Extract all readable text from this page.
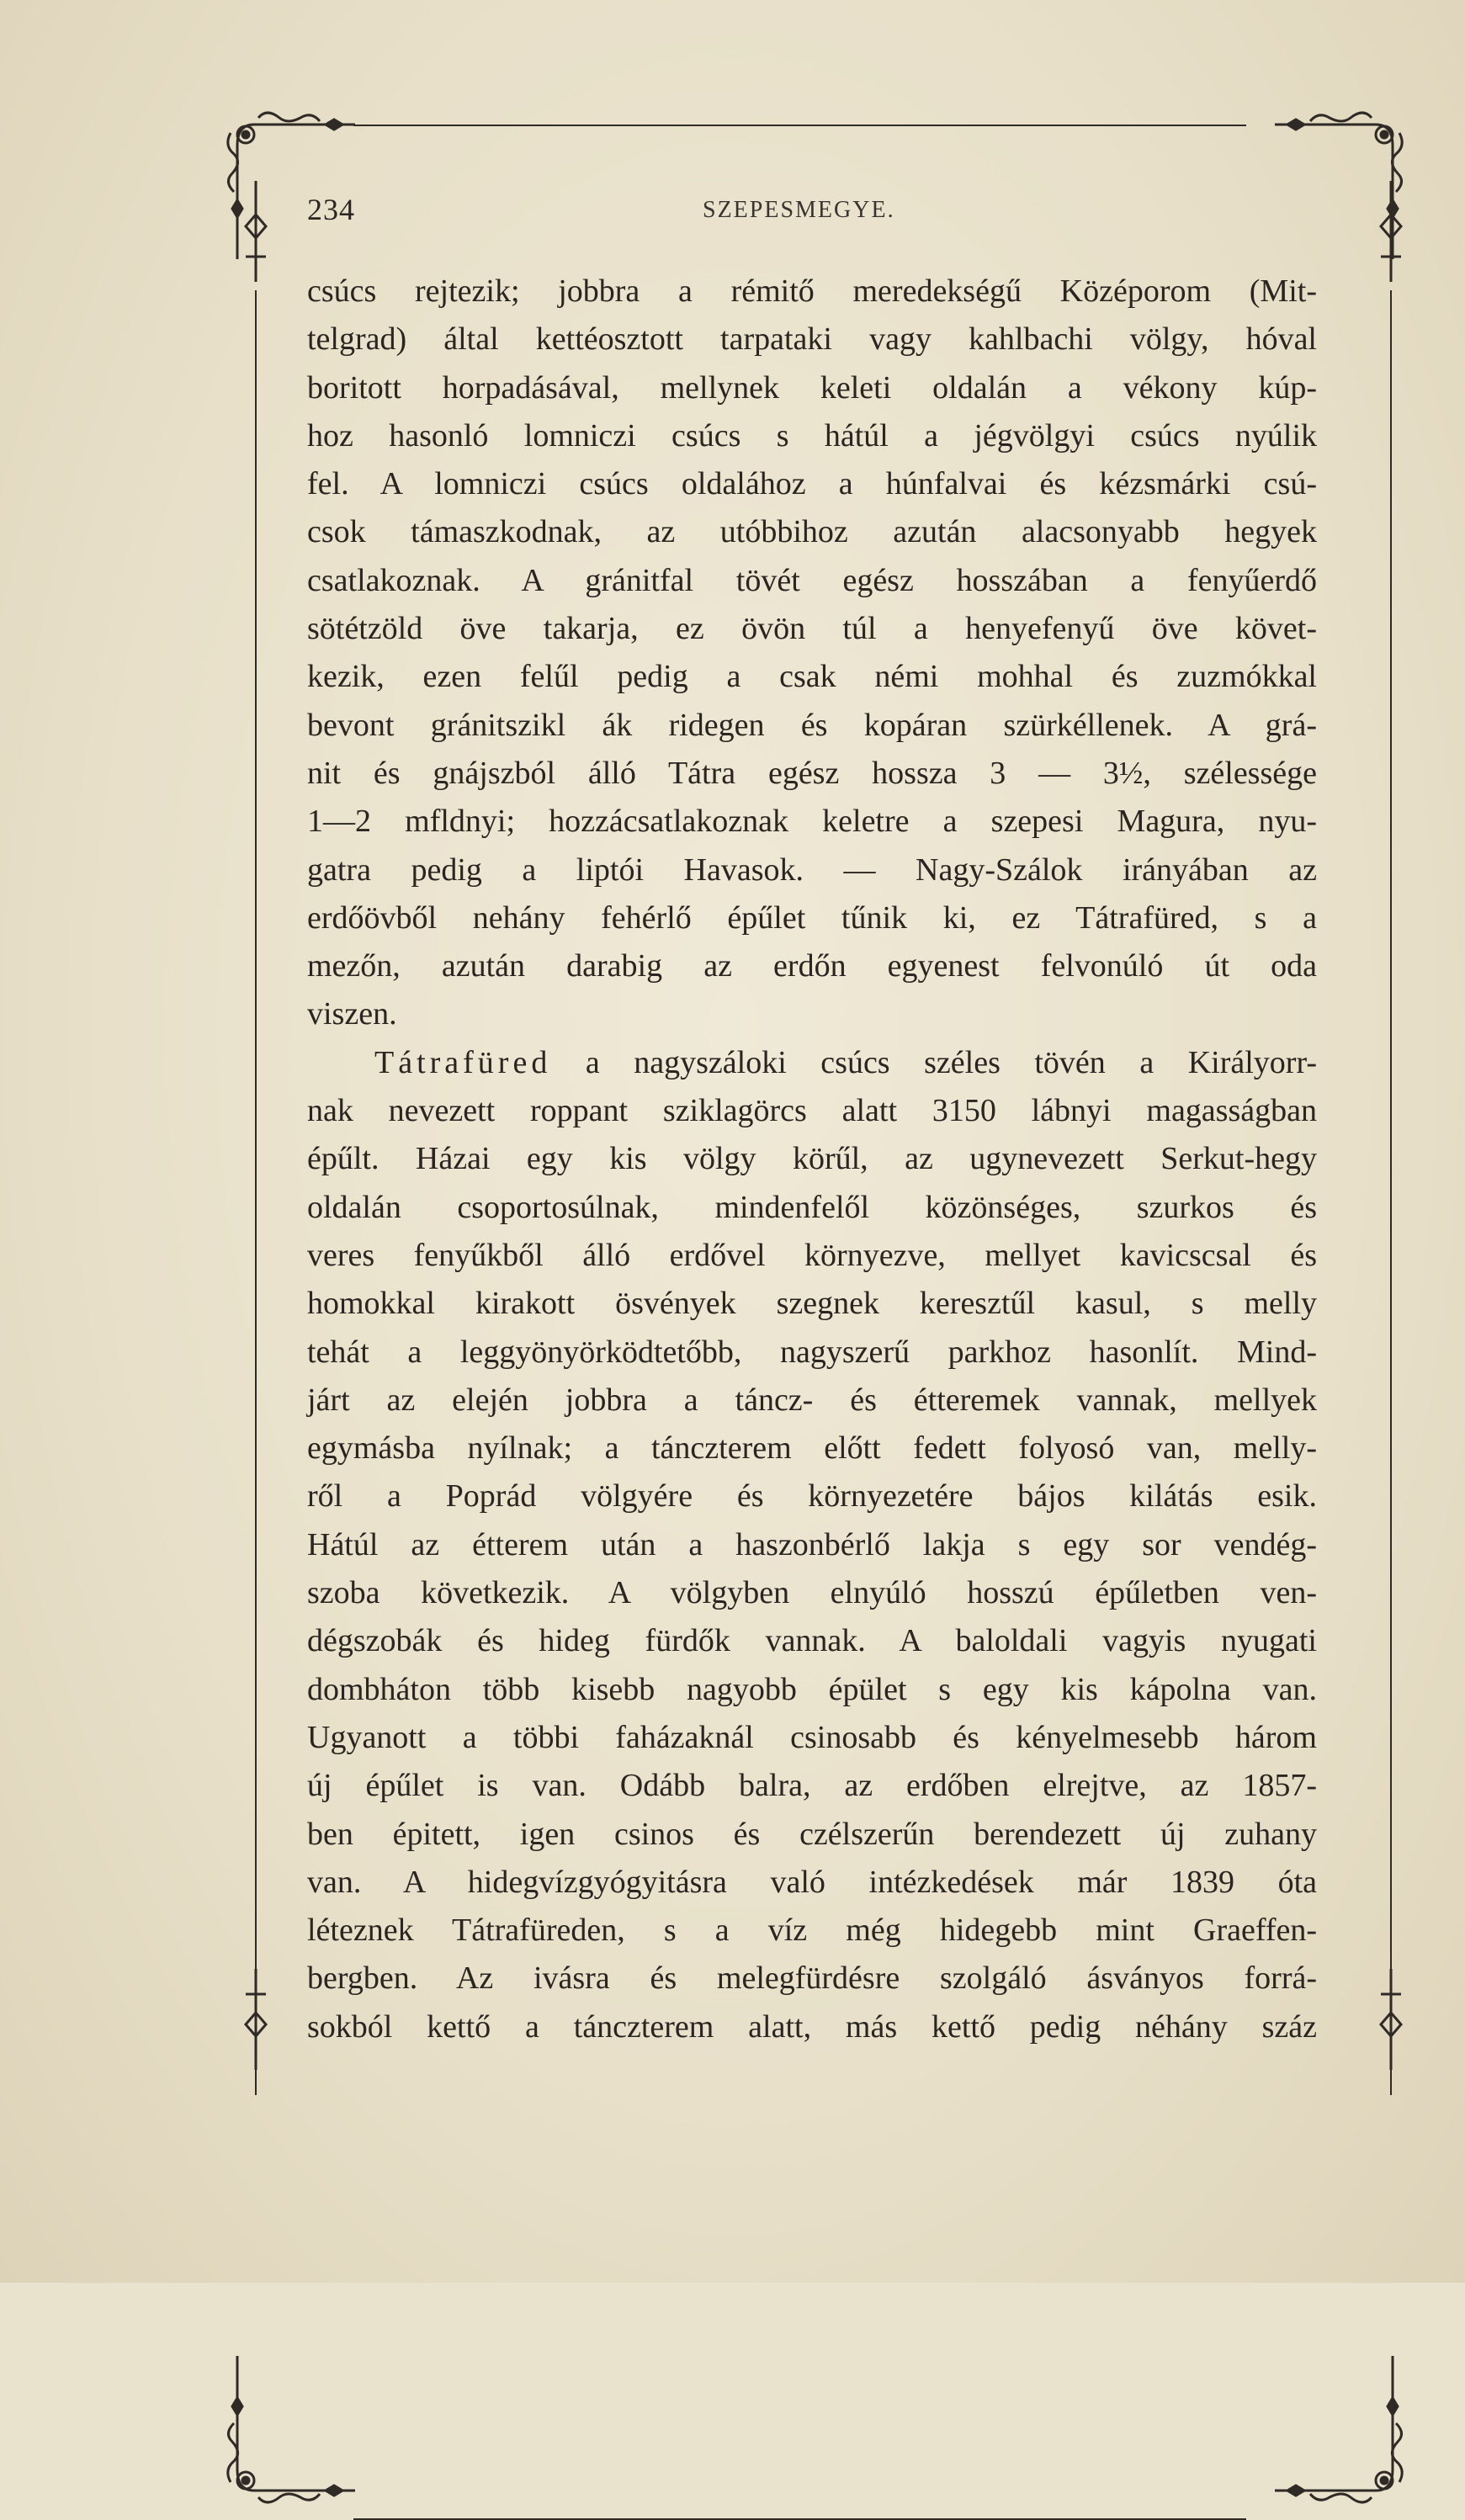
234	SZEPESMEGYE.
csúcs rejtezik; jobbra a rémitő meredekségű Középorom (Mit-
telgrad) által kettéosztott tarpataki vagy kahlbachi völgy, hóval
boritott horpadásával, mellynek keleti oldalán a vékony kúp-
hoz hasonló lomniczi csúcs s hátúl a jégvölgyi csúcs nyúlik
fel. A lomniczi csúcs oldalához a húnfalvai és kézsmárki csú-
csok támaszkodnak, az utóbbihoz azután alacsonyabb hegyek
csatlakoznak. A gránitfal tövét egész hosszában a fenyűerdő
sötétzöld öve takarja, ez övön túl a henyefenyű öve követ-
kezik, ezen felűl pedig a csak némi mohhal és zuzmókkal
bevont gránitszikl ák ridegen és kopáran szürkéllenek. A grá-
nit és gnájszból álló Tátra egész hossza 3 — 3½, szélessége
1—2 mfldnyi; hozzácsatlakoznak keletre a szepesi Magura, nyu-
gatra pedig a liptói Havasok. — Nagy-Szálok irányában az
erdőövből nehány fehérlő épűlet tűnik ki, ez Tátrafüred, s a
mezőn, azután darabig az erdőn egyenest felvonúló út oda
viszen.
Tátrafüred a nagyszáloki csúcs széles tövén a Királyorr-
nak nevezett roppant sziklagörcs alatt 3150 lábnyi magasságban
épűlt. Házai egy kis völgy körűl, az ugynevezett Serkut-hegy
oldalán csoportosúlnak, mindenfelől közönséges, szurkos és
veres fenyűkből álló erdővel környezve, mellyet kavicscsal és
homokkal kirakott ösvények szegnek keresztűl kasul, s melly
tehát a leggyönyörködtetőbb, nagyszerű parkhoz hasonlít. Mind-
járt az elején jobbra a táncz- és étteremek vannak, mellyek
egymásba nyílnak; a tánczterem előtt fedett folyosó van, melly-
ről a Poprád völgyére és környezetére bájos kilátás esik.
Hátúl az étterem után a haszonbérlő lakja s egy sor vendég-
szoba következik. A völgyben elnyúló hosszú épűletben ven-
dégszobák és hideg fürdők vannak. A baloldali vagyis nyugati
dombháton több kisebb nagyobb épület s egy kis kápolna van.
Ugyanott a többi faházaknál csinosabb és kényelmesebb három
új épűlet is van. Odább balra, az erdőben elrejtve, az 1857-
ben épitett, igen csinos és czélszerűn berendezett új zuhany
van. A hidegvízgyógyitásra való intézkedések már 1839 óta
léteznek Tátrafüreden, s a víz még hidegebb mint Graeffen-
bergben. Az ivásra és melegfürdésre szolgáló ásványos forrá-
sokból kettő a tánczterem alatt, más kettő pedig néhány száz
